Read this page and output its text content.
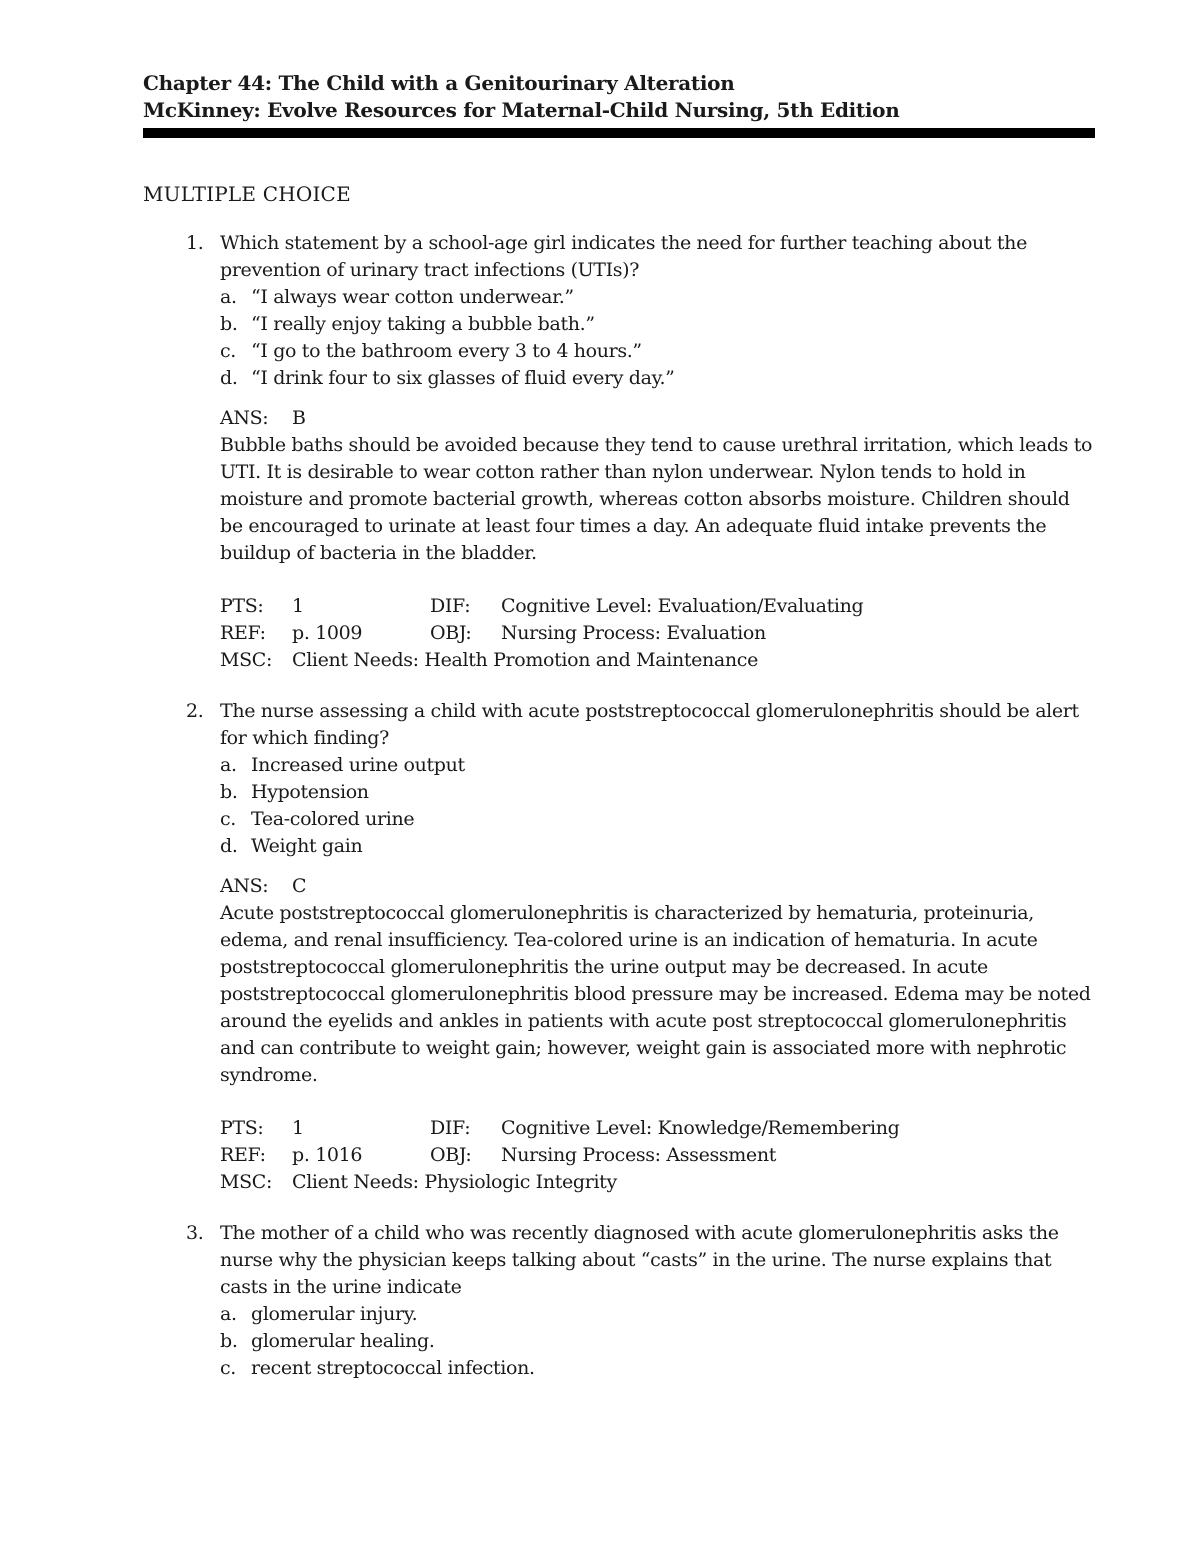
Chapter 44: The Child with a Genitourinary Alteration
McKinney: Evolve Resources for Maternal-Child Nursing, 5th Edition
MULTIPLE CHOICE
1. Which statement by a school-age girl indicates the need for further teaching about the prevention of urinary tract infections (UTIs)?
a. “I always wear cotton underwear.”
b. “I really enjoy taking a bubble bath.”
c. “I go to the bathroom every 3 to 4 hours.”
d. “I drink four to six glasses of fluid every day.”
ANS: B
Bubble baths should be avoided because they tend to cause urethral irritation, which leads to UTI. It is desirable to wear cotton rather than nylon underwear. Nylon tends to hold in moisture and promote bacterial growth, whereas cotton absorbs moisture. Children should be encouraged to urinate at least four times a day. An adequate fluid intake prevents the buildup of bacteria in the bladder.
PTS: 1	DIF: Cognitive Level: Evaluation/Evaluating
REF: p. 1009	OBJ: Nursing Process: Evaluation
MSC: Client Needs: Health Promotion and Maintenance
2. The nurse assessing a child with acute poststreptococcal glomerulonephritis should be alert for which finding?
a. Increased urine output
b. Hypotension
c. Tea-colored urine
d. Weight gain
ANS: C
Acute poststreptococcal glomerulonephritis is characterized by hematuria, proteinuria, edema, and renal insufficiency. Tea-colored urine is an indication of hematuria. In acute poststreptococcal glomerulonephritis the urine output may be decreased. In acute poststreptococcal glomerulonephritis blood pressure may be increased. Edema may be noted around the eyelids and ankles in patients with acute post streptococcal glomerulonephritis and can contribute to weight gain; however, weight gain is associated more with nephrotic syndrome.
PTS: 1	DIF: Cognitive Level: Knowledge/Remembering
REF: p. 1016	OBJ: Nursing Process: Assessment
MSC: Client Needs: Physiologic Integrity
3. The mother of a child who was recently diagnosed with acute glomerulonephritis asks the nurse why the physician keeps talking about “casts” in the urine. The nurse explains that casts in the urine indicate
a. glomerular injury.
b. glomerular healing.
c. recent streptococcal infection.
